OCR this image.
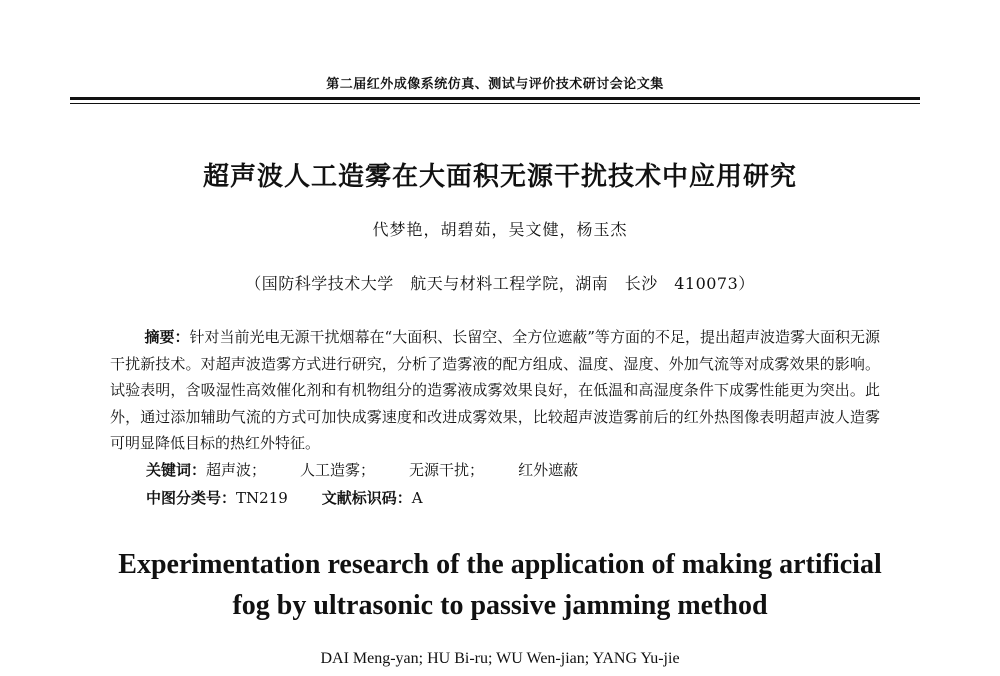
第二届红外成像系统仿真、测试与评价技术研讨会论文集
超声波人工造雾在大面积无源干扰技术中应用研究
代梦艳，胡碧茹，吴文健，杨玉杰
（国防科学技术大学　航天与材料工程学院，湖南　长沙　410073）
摘要：针对当前光电无源干扰烟幕在“大面积、长留空、全方位遮蔽”等方面的不足，提出超声波造雾大面积无源干扰新技术。对超声波造雾方式进行研究，分析了造雾液的配方组成、温度、湿度、外加气流等对成雾效果的影响。试验表明，含吸湿性高效催化剂和有机物组分的造雾液成雾效果良好，在低温和高湿度条件下成雾性能更为突出。此外，通过添加辅助气流的方式可加快成雾速度和改进成雾效果，比较超声波造雾前后的红外热图像表明超声波人造雾可明显降低目标的热红外特征。
关键词：超声波； 人工造雾； 无源干扰； 红外遮蔽
中图分类号：TN219 文献标识码：A
Experimentation research of the application of making artificial
fog by ultrasonic to passive jamming method
DAI Meng-yan; HU Bi-ru; WU Wen-jian; YANG Yu-jie
